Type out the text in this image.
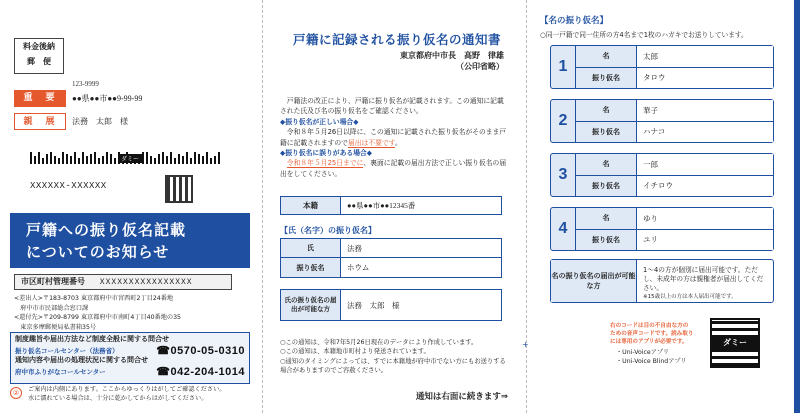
料金後納
郵　便
123-9999
重　要	●●県●●市●●9-99-99
親　展	法務　太郎　様
ダミー
XXXXXX-XXXXXX
戸籍への振り仮名記載
についてのお知らせ
市区町村管理番号 XXXXXXXXXXXXXXXX
<差出人>〒183-8703 東京都府中市宮西町2丁目24番地
　府中市市民部総合窓口課
<還付先>〒209-8799 東京都府中市南町4丁目40番地の35
　東京多摩郵便局私書箱35号
制度趣旨や届出方法など制度全般に関する問合せ
振り仮名コールセンター（法務省）	☎0570-05-0310
通知内容や届出の処理状況に関する問合せ
府中市ふりがなコールセンター	☎042-204-1014
②	ご案内は内側にあります。ここからゆっくりはがしてご確認ください。
水に濡れている場合は、十分に乾かしてからはがしてください。
戸籍に記録される振り仮名の通知書
東京都府中市長　高野　律雄
（公印省略）
　戸籍法の改正により、戸籍に振り仮名が記載されます。この通知に記載された氏及び名の振り仮名をご確認ください。
◆振り仮名が正しい場合◆
　令和８年５月26日以降に、この通知に記載された振り仮名がそのまま戸籍に記載されますので届出は不要です。
◆振り仮名に誤りがある場合◆
　令和８年５月25日までに、裏面に記載の届出方法で正しい振り仮名の届出をしてください。
本籍	●●県●●市●●12345番
【氏（名字）の振り仮名】
氏	法務
振り仮名	ホウム
氏の振り仮名の届出が可能な方	法務　太郎　様
○この通知は、令和7年5月26日現在のデータにより作成しています。
○この通知は、本籍地市町村より発送されています。
○通知のタイミングによっては、すでに本籍地が府中市でない方にもお送りする場合がありますのでご容赦ください。
通知は右面に続きます⇒
+
【名の振り仮名】
○同一戸籍で同一住所の方4名まで1枚のハガキでお送りしています。
1
名	太郎
振り仮名	タロウ
2
名	華子
振り仮名	ハナコ
3
名	一郎
振り仮名	イチロウ
4
名	ゆり
振り仮名	ユリ
名の振り仮名の届出が可能な方
1～4の方が個別に届出可能です。ただし、未成年の方は親権者が届出してください。
※15歳以上の方は本人届出可能です。
右のコードは目の不自由な方の
ための音声コードです。読み取り
には専用のアプリが必要です。
・Uni-Voiceアプリ
・Uni-Voice Blindアプリ
ダミー
